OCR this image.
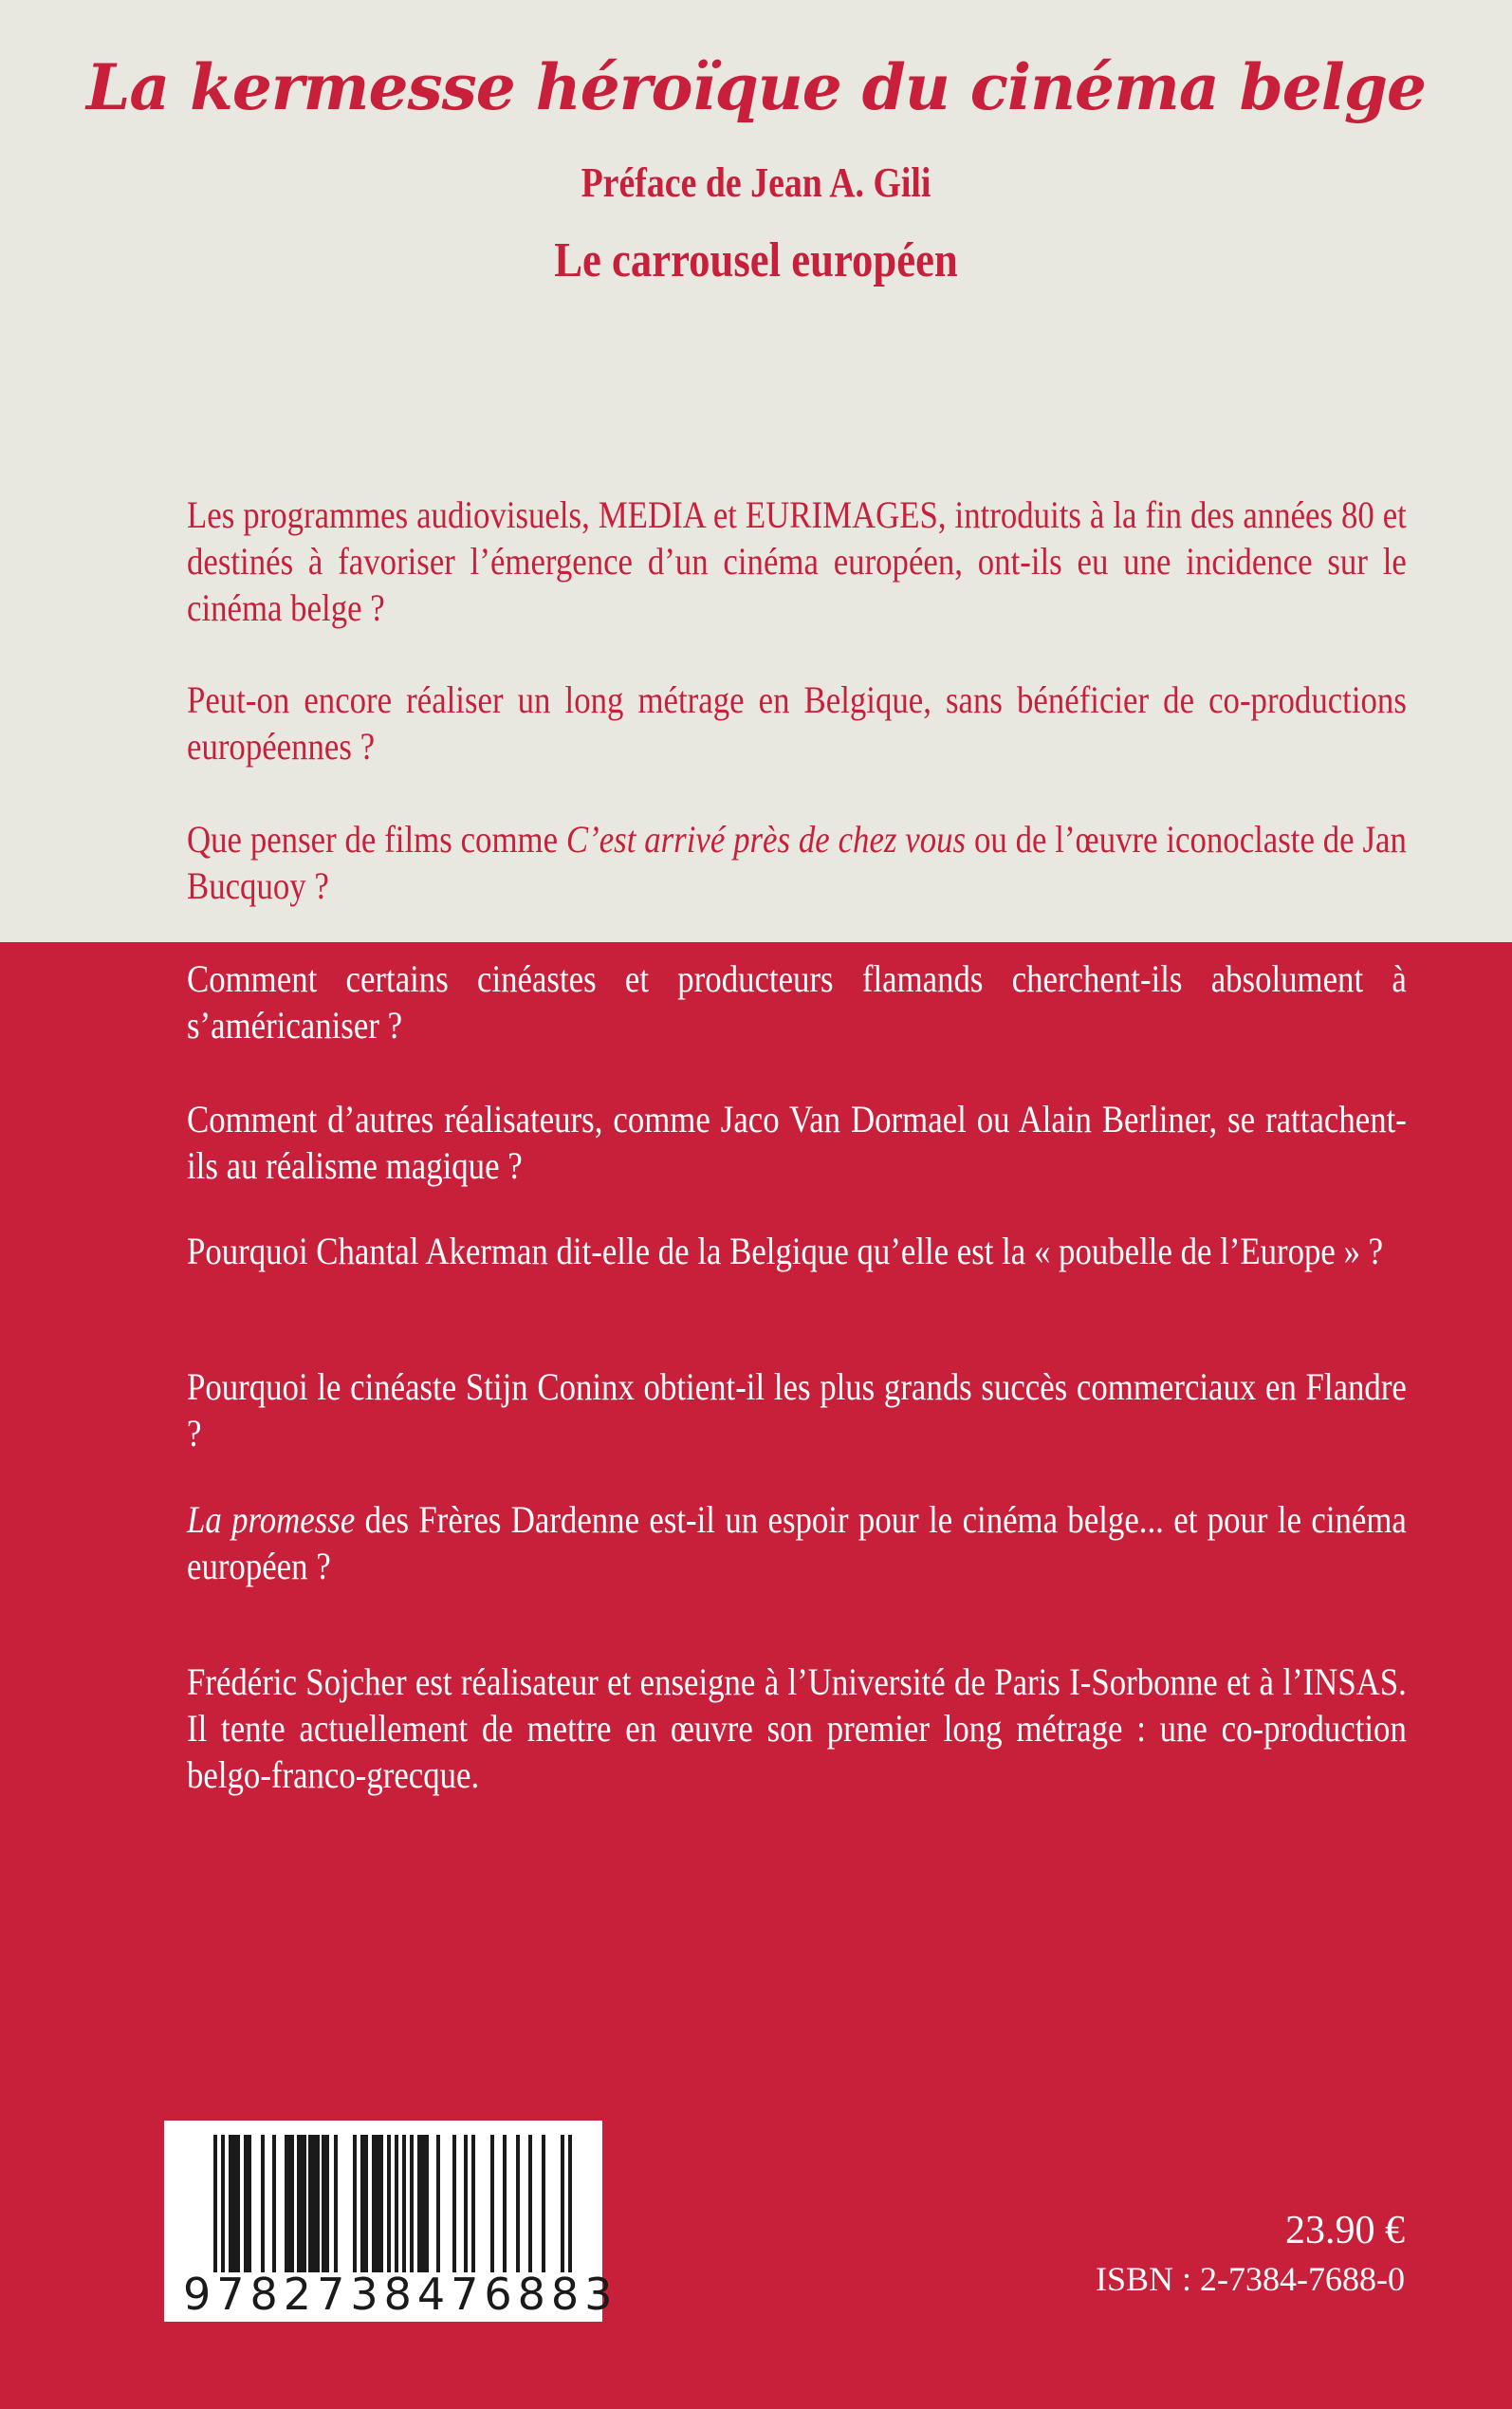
La kermesse héroïque du cinéma belge
Préface de Jean A. Gili
Le carrousel européen
Les programmes audiovisuels, MEDIA et EURIMAGES, introduits à la fin des années 80 et destinés à favoriser l’émergence d’un cinéma européen, ont-ils eu une incidence sur le cinéma belge ?
Peut-on encore réaliser un long métrage en Belgique, sans bénéficier de co-productions européennes ?
Que penser de films comme C’est arrivé près de chez vous ou de l’œuvre iconoclaste de Jan Bucquoy ?
Comment certains cinéastes et producteurs flamands cherchent-ils absolument à s’américaniser ?
Comment d’autres réalisateurs, comme Jaco Van Dormael ou Alain Berliner, se rattachent-ils au réalisme magique ?
Pourquoi Chantal Akerman dit-elle de la Belgique qu’elle est la « poubelle de l’Europe » ?
Pourquoi le cinéaste Stijn Coninx obtient-il les plus grands succès commerciaux en Flandre ?
La promesse des Frères Dardenne est-il un espoir pour le cinéma belge... et pour le cinéma européen ?
Frédéric Sojcher est réalisateur et enseigne à l’Université de Paris I-Sorbonne et à l’INSAS. Il tente actuellement de mettre en œuvre son premier long métrage : une co-production belgo-franco-grecque.
9782738476883
23.90 €
ISBN : 2-7384-7688-0
